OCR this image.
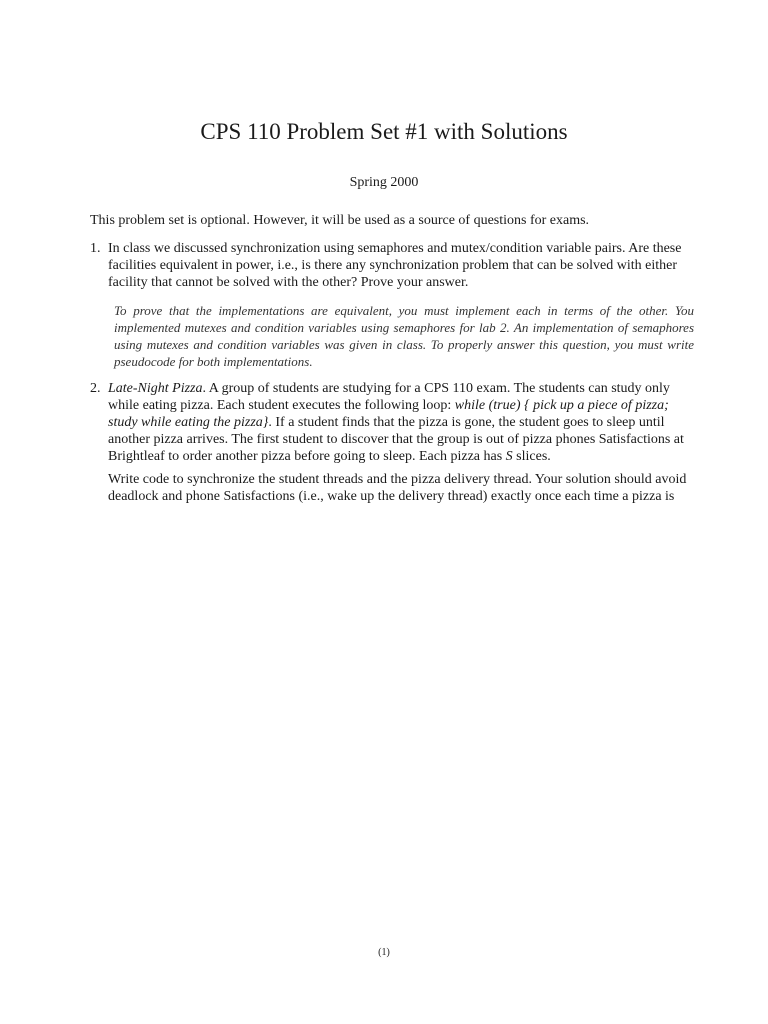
CPS 110 Problem Set #1 with Solutions
Spring 2000
This problem set is optional. However, it will be used as a source of questions for exams.
1. In class we discussed synchronization using semaphores and mutex/condition variable pairs. Are these facilities equivalent in power, i.e., is there any synchronization problem that can be solved with either facility that cannot be solved with the other? Prove your answer.
To prove that the implementations are equivalent, you must implement each in terms of the other. You implemented mutexes and condition variables using semaphores for lab 2. An implementation of semaphores using mutexes and condition variables was given in class. To properly answer this question, you must write pseudocode for both implementations.
2. Late-Night Pizza. A group of students are studying for a CPS 110 exam. The students can study only while eating pizza. Each student executes the following loop: while (true) { pick up a piece of pizza; study while eating the pizza}. If a student finds that the pizza is gone, the student goes to sleep until another pizza arrives. The first student to discover that the group is out of pizza phones Satisfactions at Brightleaf to order another pizza before going to sleep. Each pizza has S slices.
Write code to synchronize the student threads and the pizza delivery thread. Your solution should avoid deadlock and phone Satisfactions (i.e., wake up the delivery thread) exactly once each time a pizza is
(1)
